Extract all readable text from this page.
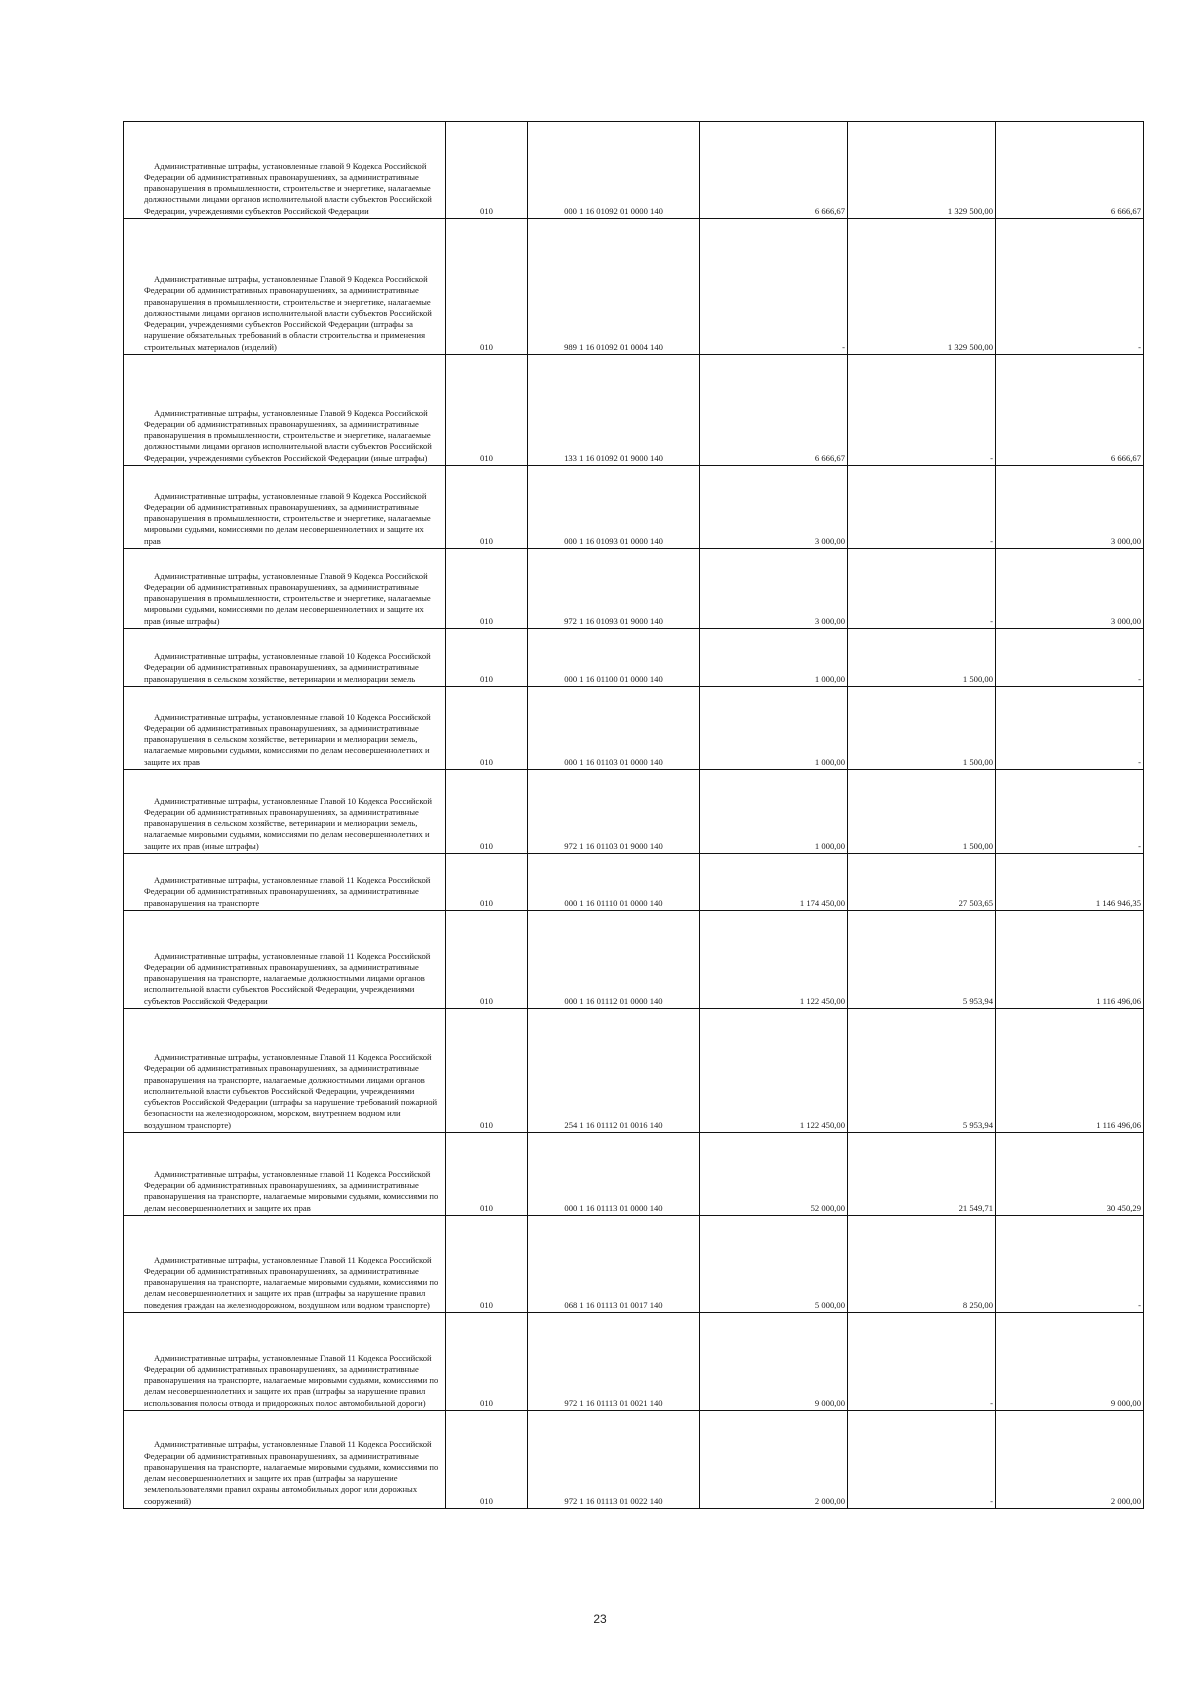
Административные штрафы, установленные главой 9 Кодекса Российской Федерации об административных правонарушениях, за административные правонарушения в промышленности, строительстве и энергетике, налагаемые должностными лицами органов исполнительной власти субъектов Российской Федерации, учреждениями субъектов Российской Федерации	010	000 1 16 01092 01 0000 140	6 666,67	1 329 500,00	6 666,67
Административные штрафы, установленные Главой 9 Кодекса Российской Федерации об административных правонарушениях, за административные правонарушения в промышленности, строительстве и энергетике, налагаемые должностными лицами органов исполнительной власти субъектов Российской Федерации, учреждениями субъектов Российской Федерации (штрафы за нарушение обязательных требований в области строительства и применения строительных материалов (изделий)	010	989 1 16 01092 01 0004 140	-	1 329 500,00	-
Административные штрафы, установленные Главой 9 Кодекса Российской Федерации об административных правонарушениях, за административные правонарушения в промышленности, строительстве и энергетике, налагаемые должностными лицами органов исполнительной власти субъектов Российской Федерации, учреждениями субъектов Российской Федерации (иные штрафы)	010	133 1 16 01092 01 9000 140	6 666,67	-	6 666,67
Административные штрафы, установленные главой 9 Кодекса Российской Федерации об административных правонарушениях, за административные правонарушения в промышленности, строительстве и энергетике, налагаемые мировыми судьями, комиссиями по делам несовершеннолетних и защите их прав	010	000 1 16 01093 01 0000 140	3 000,00	-	3 000,00
Административные штрафы, установленные Главой 9 Кодекса Российской Федерации об административных правонарушениях, за административные правонарушения в промышленности, строительстве и энергетике, налагаемые мировыми судьями, комиссиями по делам несовершеннолетних и защите их прав (иные штрафы)	010	972 1 16 01093 01 9000 140	3 000,00	-	3 000,00
Административные штрафы, установленные главой 10 Кодекса Российской Федерации об административных правонарушениях, за административные правонарушения в сельском хозяйстве, ветеринарии и мелиорации земель	010	000 1 16 01100 01 0000 140	1 000,00	1 500,00	-
Административные штрафы, установленные главой 10 Кодекса Российской Федерации об административных правонарушениях, за административные правонарушения в сельском хозяйстве, ветеринарии и мелиорации земель, налагаемые мировыми судьями, комиссиями по делам несовершеннолетних и защите их прав	010	000 1 16 01103 01 0000 140	1 000,00	1 500,00	-
Административные штрафы, установленные Главой 10 Кодекса Российской Федерации об административных правонарушениях, за административные правонарушения в сельском хозяйстве, ветеринарии и мелиорации земель, налагаемые мировыми судьями, комиссиями по делам несовершеннолетних и защите их прав (иные штрафы)	010	972 1 16 01103 01 9000 140	1 000,00	1 500,00	-
Административные штрафы, установленные главой 11 Кодекса Российской Федерации об административных правонарушениях, за административные правонарушения на транспорте	010	000 1 16 01110 01 0000 140	1 174 450,00	27 503,65	1 146 946,35
Административные штрафы, установленные главой 11 Кодекса Российской Федерации об административных правонарушениях, за административные правонарушения на транспорте, налагаемые должностными лицами органов исполнительной власти субъектов Российской Федерации, учреждениями субъектов Российской Федерации	010	000 1 16 01112 01 0000 140	1 122 450,00	5 953,94	1 116 496,06
Административные штрафы, установленные Главой 11 Кодекса Российской Федерации об административных правонарушениях, за административные правонарушения на транспорте, налагаемые должностными лицами органов исполнительной власти субъектов Российской Федерации, учреждениями субъектов Российской Федерации (штрафы за нарушение требований пожарной безопасности на железнодорожном, морском, внутреннем водном или воздушном транспорте)	010	254 1 16 01112 01 0016 140	1 122 450,00	5 953,94	1 116 496,06
Административные штрафы, установленные главой 11 Кодекса Российской Федерации об административных правонарушениях, за административные правонарушения на транспорте, налагаемые мировыми судьями, комиссиями по делам несовершеннолетних и защите их прав	010	000 1 16 01113 01 0000 140	52 000,00	21 549,71	30 450,29
Административные штрафы, установленные Главой 11 Кодекса Российской Федерации об административных правонарушениях, за административные правонарушения на транспорте, налагаемые мировыми судьями, комиссиями по делам несовершеннолетних и защите их прав (штрафы за нарушение правил поведения граждан на железнодорожном, воздушном или водном транспорте)	010	068 1 16 01113 01 0017 140	5 000,00	8 250,00	-
Административные штрафы, установленные Главой 11 Кодекса Российской Федерации об административных правонарушениях, за административные правонарушения на транспорте, налагаемые мировыми судьями, комиссиями по делам несовершеннолетних и защите их прав (штрафы за нарушение правил использования полосы отвода и придорожных полос автомобильной дороги)	010	972 1 16 01113 01 0021 140	9 000,00	-	9 000,00
Административные штрафы, установленные Главой 11 Кодекса Российской Федерации об административных правонарушениях, за административные правонарушения на транспорте, налагаемые мировыми судьями, комиссиями по делам несовершеннолетних и защите их прав (штрафы за нарушение землепользователями правил охраны автомобильных дорог или дорожных сооружений)	010	972 1 16 01113 01 0022 140	2 000,00	-	2 000,00
23
